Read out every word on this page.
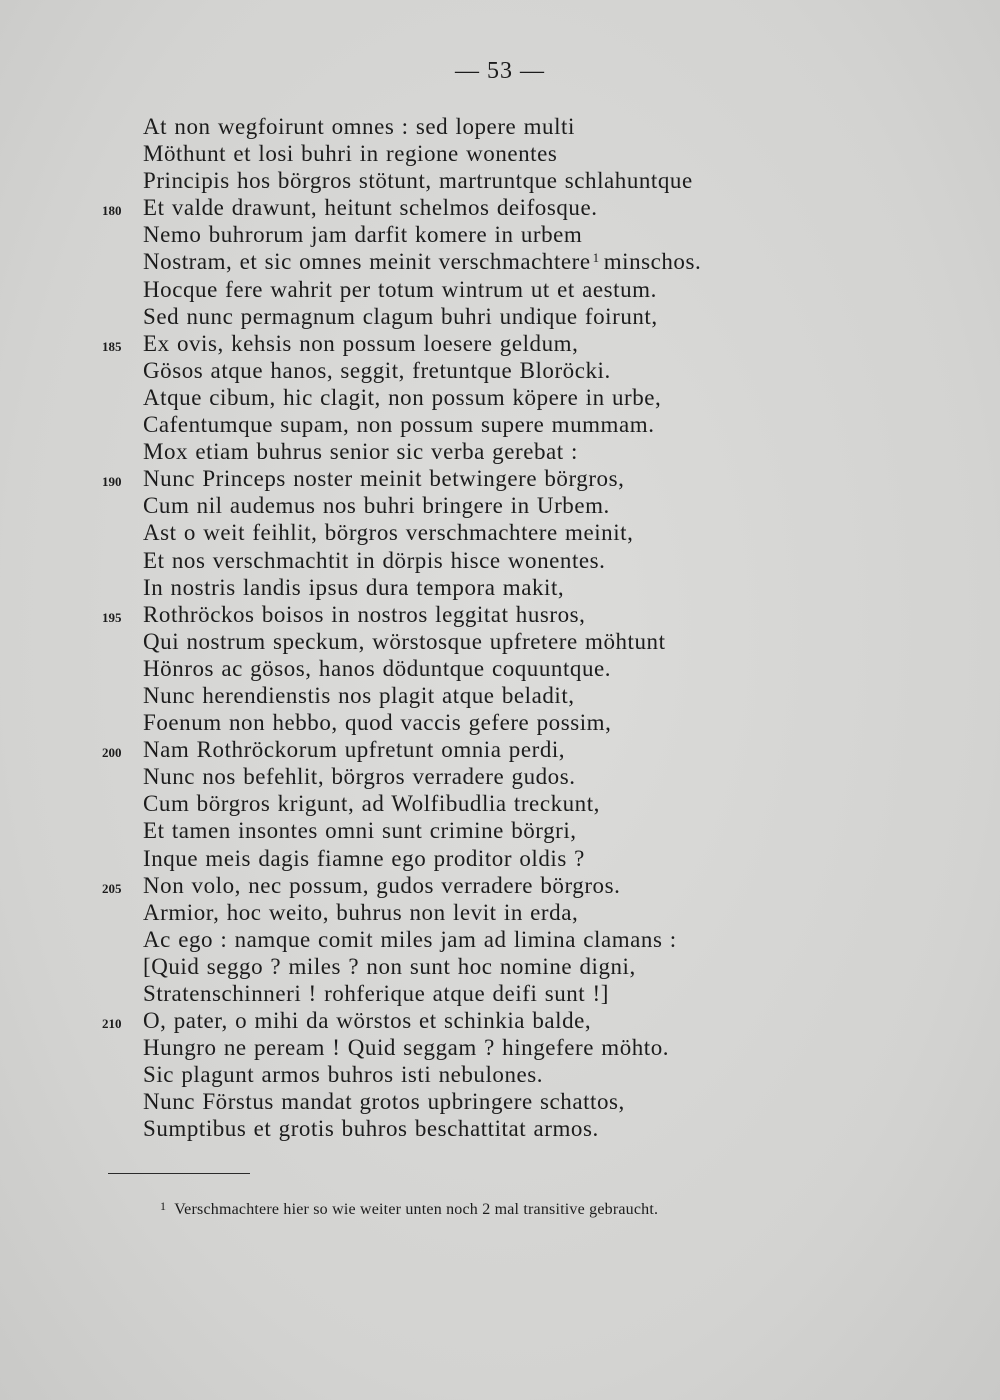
— 53 —
At non wegfoirunt omnes : sed lopere multi
Möthunt et losi buhri in regione wonentes
Principis hos börgros stötunt, martruntque schlahuntque
180 Et valde drawunt, heitunt schelmos deifosque.
Nemo buhrorum jam darfit komere in urbem
Nostram, et sic omnes meinit verschmachtere $^1$ minschos.
Hocque fere wahrit per totum wintrum ut et aestum.
Sed nunc permagnum clagum buhri undique foirunt,
185 Ex ovis, kehsis non possum loesere geldum,
Gösos atque hanos, seggit, fretuntque Bloröcki.
Atque cibum, hic clagit, non possum köpere in urbe,
Cafentumque supam, non possum supere mummam.
Mox etiam buhrus senior sic verba gerebat :
190 Nunc Princeps noster meinit betwingere börgros,
Cum nil audemus nos buhri bringere in Urbem.
Ast o weit feihlit, börgros verschmachtere meinit,
Et nos verschmachtit in dörpis hisce wonentes.
In nostris landis ipsus dura tempora makit,
195 Rothröckos boisos in nostros leggitat husros,
Qui nostrum speckum, wörstosque upfretere möhtunt
Hönros ac gösos, hanos döduntque coquuntque.
Nunc herendienstis nos plagit atque beladit,
Foenum non hebbo, quod vaccis gefere possim,
200 Nam Rothröckorum upfretunt omnia perdi,
Nunc nos befehlit, börgros verradere gudos.
Cum börgros krigunt, ad Wolfibudlia treckunt,
Et tamen insontes omni sunt crimine börgri,
Inque meis dagis fiamne ego proditor oldis ?
205 Non volo, nec possum, gudos verradere börgros.
Armior, hoc weito, buhrus non levit in erda,
Ac ego : namque comit miles jam ad limina clamans :
[Quid seggo ? miles ? non sunt hoc nomine digni,
Stratenschinneri ! rohferique atque deifi sunt !]
210 O, pater, o mihi da wörstos et schinkia balde,
Hungro ne peream ! Quid seggam ? hingefere möhto.
Sic plagunt armos buhros isti nebulones.
Nunc Förstus mandat grotos upbringere schattos,
Sumptibus et grotis buhros beschattitat armos.
$^1$ Verschmachtere hier so wie weiter unten noch 2 mal transitive gebraucht.
